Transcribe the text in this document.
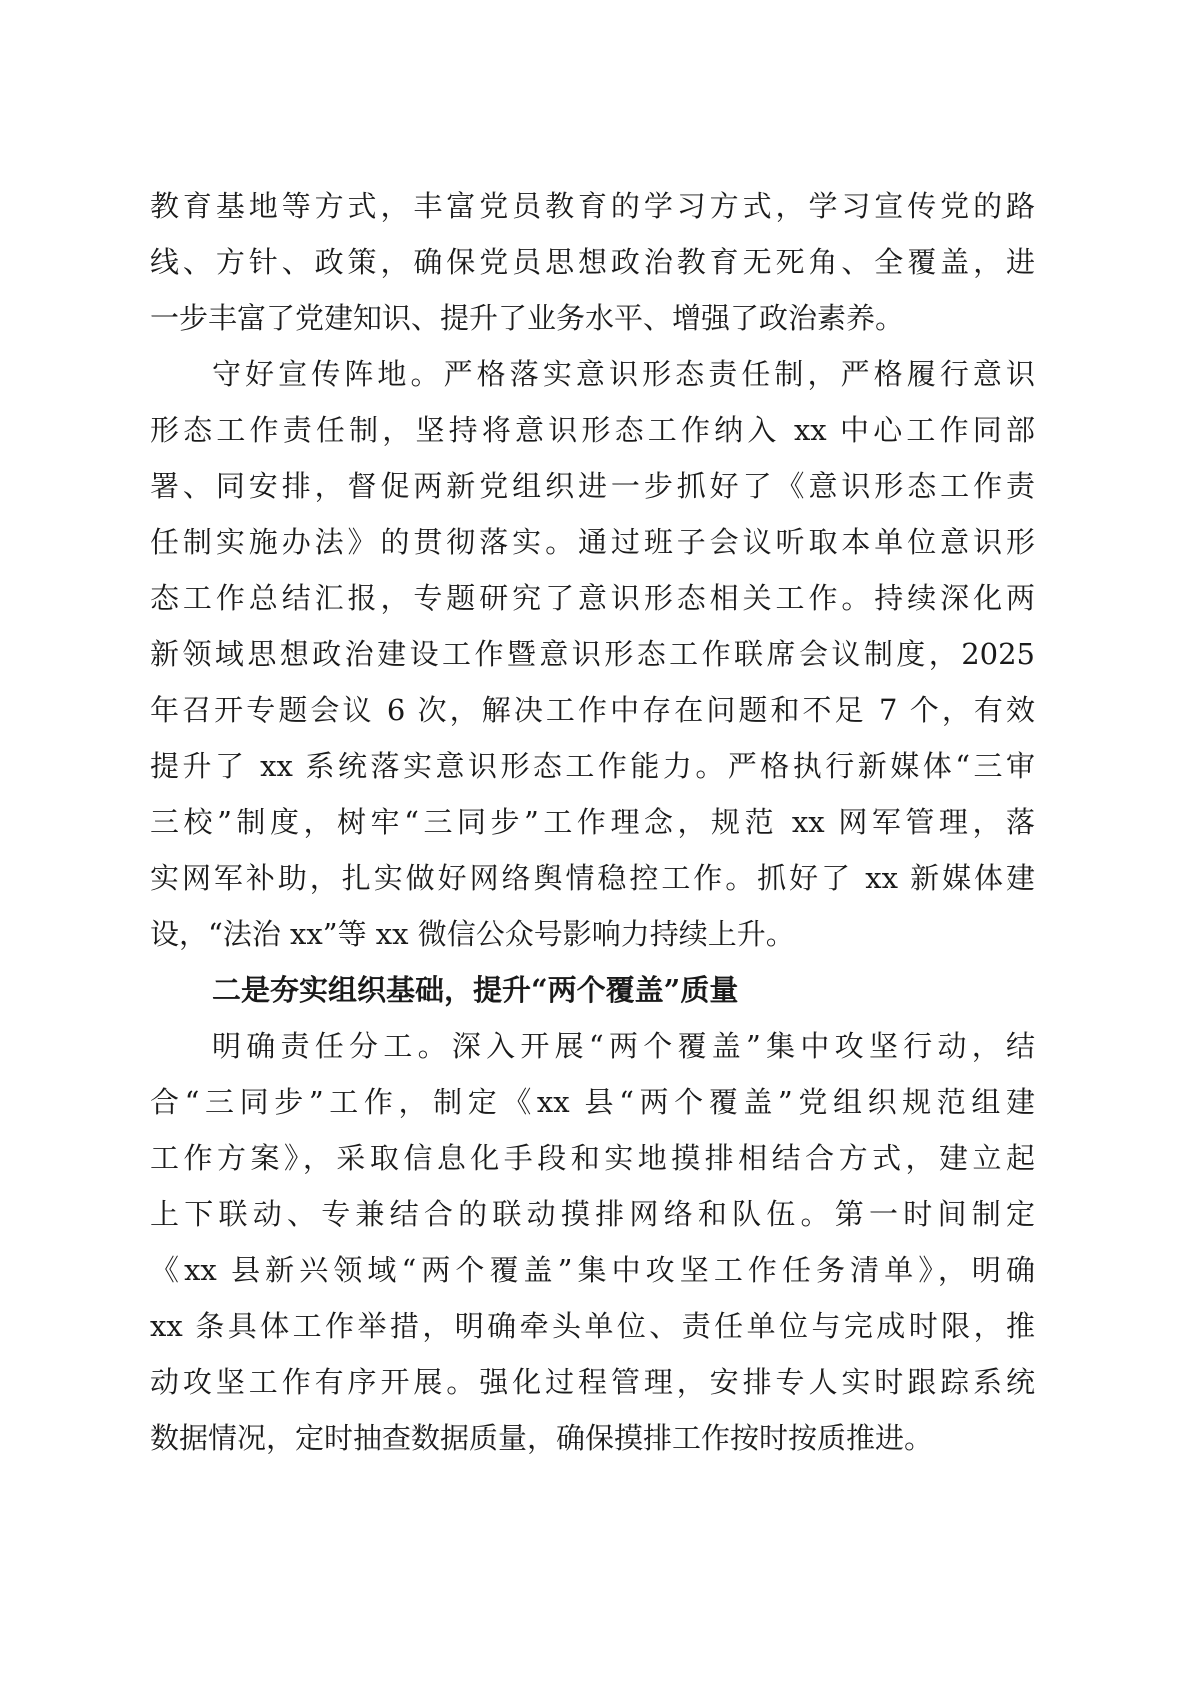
教育基地等方式，丰富党员教育的学习方式，学习宣传党的路
线、方针、政策，确保党员思想政治教育无死角、全覆盖，进
一步丰富了党建知识、提升了业务水平、增强了政治素养。
守好宣传阵地。严格落实意识形态责任制，严格履行意识
形态工作责任制，坚持将意识形态工作纳入 xx 中心工作同部
署、同安排，督促两新党组织进一步抓好了《意识形态工作责
任制实施办法》的贯彻落实。通过班子会议听取本单位意识形
态工作总结汇报，专题研究了意识形态相关工作。持续深化两
新领域思想政治建设工作暨意识形态工作联席会议制度，2025
年召开专题会议 6 次，解决工作中存在问题和不足 7 个，有效
提升了 xx 系统落实意识形态工作能力。严格执行新媒体“三审
三校”制度，树牢“三同步”工作理念，规范 xx 网军管理，落
实网军补助，扎实做好网络舆情稳控工作。抓好了 xx 新媒体建
设，“法治 xx”等 xx 微信公众号影响力持续上升。
二是夯实组织基础，提升“两个覆盖”质量
明确责任分工。深入开展“两个覆盖”集中攻坚行动，结
合“三同步”工作，制定《xx 县“两个覆盖”党组织规范组建
工作方案》，采取信息化手段和实地摸排相结合方式，建立起
上下联动、专兼结合的联动摸排网络和队伍。第一时间制定
《xx 县新兴领域“两个覆盖”集中攻坚工作任务清单》，明确
xx 条具体工作举措，明确牵头单位、责任单位与完成时限，推
动攻坚工作有序开展。强化过程管理，安排专人实时跟踪系统
数据情况，定时抽查数据质量，确保摸排工作按时按质推进。
